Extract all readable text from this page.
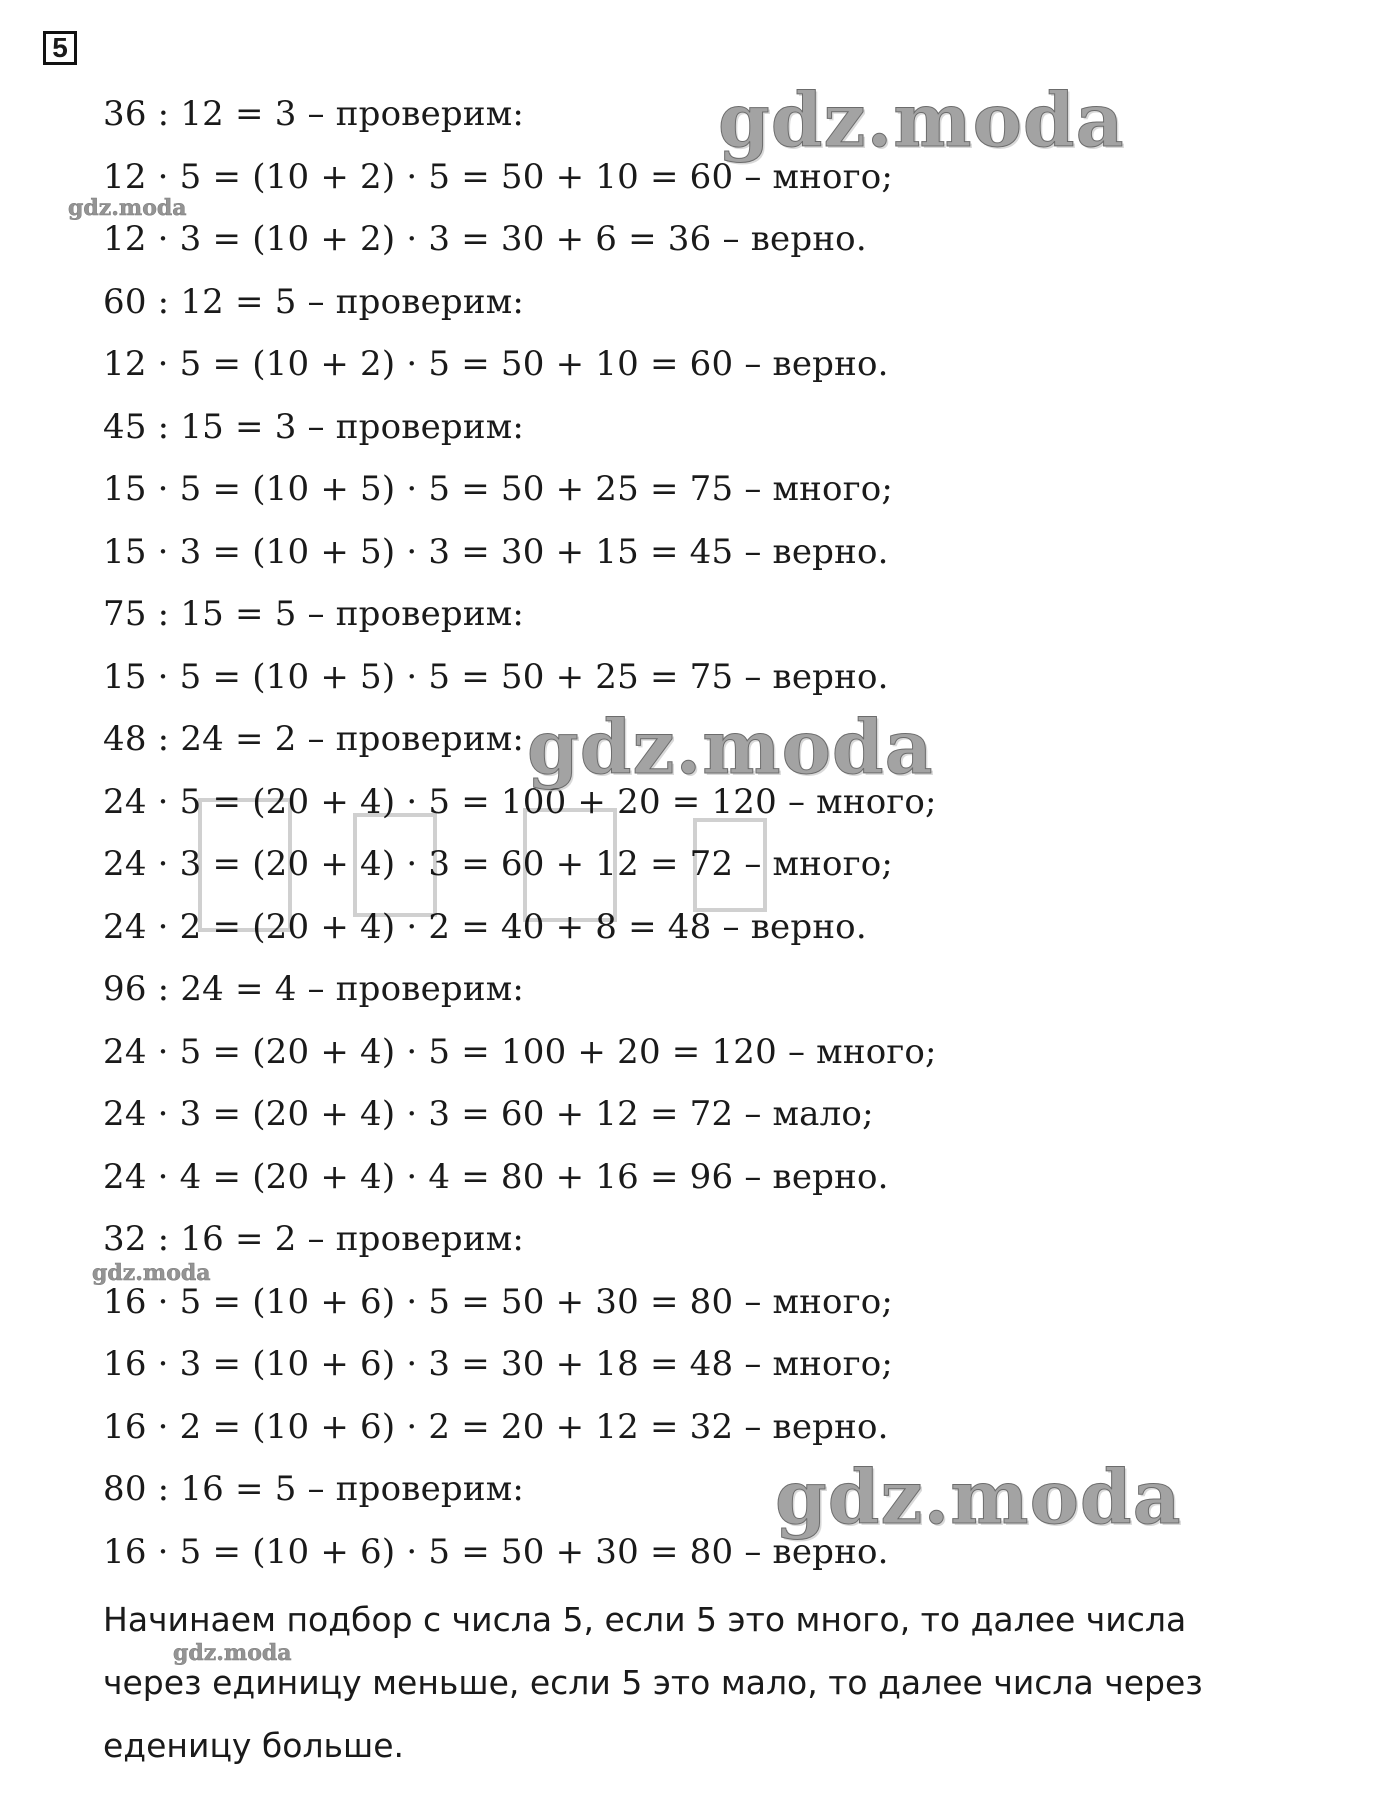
5
36 : 12 = 3 – проверим:
12 · 5 = (10 + 2) · 5 = 50 + 10 = 60 – много;
12 · 3 = (10 + 2) · 3 = 30 + 6 = 36 – верно.
60 : 12 = 5 – проверим:
12 · 5 = (10 + 2) · 5 = 50 + 10 = 60 – верно.
45 : 15 = 3 – проверим:
15 · 5 = (10 + 5) · 5 = 50 + 25 = 75 – много;
15 · 3 = (10 + 5) · 3 = 30 + 15 = 45 – верно.
75 : 15 = 5 – проверим:
15 · 5 = (10 + 5) · 5 = 50 + 25 = 75 – верно.
48 : 24 = 2 – проверим:
24 · 5 = (20 + 4) · 5 = 100 + 20 = 120 – много;
24 · 3 = (20 + 4) · 3 = 60 + 12 = 72 – много;
24 · 2 = (20 + 4) · 2 = 40 + 8 = 48 – верно.
96 : 24 = 4 – проверим:
24 · 5 = (20 + 4) · 5 = 100 + 20 = 120 – много;
24 · 3 = (20 + 4) · 3 = 60 + 12 = 72 – мало;
24 · 4 = (20 + 4) · 4 = 80 + 16 = 96 – верно.
32 : 16 = 2 – проверим:
16 · 5 = (10 + 6) · 5 = 50 + 30 = 80 – много;
16 · 3 = (10 + 6) · 3 = 30 + 18 = 48 – много;
16 · 2 = (10 + 6) · 2 = 20 + 12 = 32 – верно.
80 : 16 = 5 – проверим:
16 · 5 = (10 + 6) · 5 = 50 + 30 = 80 – верно.

Начинаем подбор с числа 5, если 5 это много, то далее числа

через единицу меньше, если 5 это мало, то далее числа через

еденицу больше.

gdz.moda
gdz.moda
gdz.moda
gdz.moda
gdz.moda
gdz.moda
